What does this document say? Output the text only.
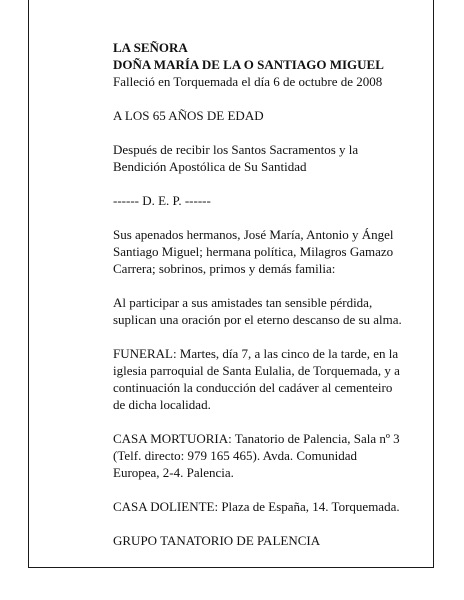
LA SEÑORA

DOÑA MARÍA DE LA O SANTIAGO MIGUEL

Falleció en Torquemada el día 6 de octubre de 2008

A LOS 65 AÑOS DE EDAD

Después de recibir los Santos Sacramentos y la

Bendición Apostólica de Su Santidad

------ D. E. P. ------

Sus apenados hermanos, José María, Antonio y Ángel

Santiago Miguel; hermana política, Milagros Gamazo

Carrera; sobrinos, primos y demás familia:

Al participar a sus amistades tan sensible pérdida,

suplican una oración por el eterno descanso de su alma.

FUNERAL: Martes, día 7, a las cinco de la tarde, en la

iglesia parroquial de Santa Eulalia, de Torquemada, y a

continuación la conducción del cadáver al cementeiro

de dicha localidad.

CASA MORTUORIA: Tanatorio de Palencia, Sala nº 3

(Telf. directo: 979 165 465). Avda. Comunidad

Europea, 2-4. Palencia.

CASA DOLIENTE: Plaza de España, 14. Torquemada.

GRUPO TANATORIO DE PALENCIA
